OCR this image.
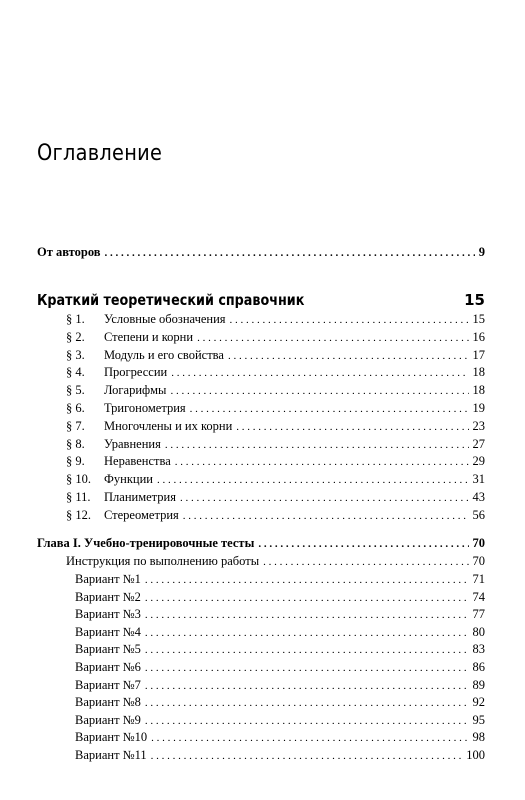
Оглавление
От авторов . . .	9
Краткий теоретический справочник	15
§ 1.	Условные обозначения . . .	15
§ 2.	Степени и корни . . .	16
§ 3.	Модуль и его свойства . . .	17
§ 4.	Прогрессии . . .	18
§ 5.	Логарифмы . . .	18
§ 6.	Тригонометрия . . .	19
§ 7.	Многочлены и их корни . . .	23
§ 8.	Уравнения . . .	27
§ 9.	Неравенства . . .	29
§ 10.	Функции . . .	31
§ 11.	Планиметрия . . .	43
§ 12.	Стереометрия . . .	56
Глава I. Учебно-тренировочные тесты . . .	70
Инструкция по выполнению работы . . .	70
Вариант №1 . . .	71
Вариант №2 . . .	74
Вариант №3 . . .	77
Вариант №4 . . .	80
Вариант №5 . . .	83
Вариант №6 . . .	86
Вариант №7 . . .	89
Вариант №8 . . .	92
Вариант №9 . . .	95
Вариант №10 . . .	98
Вариант №11 . . .	100
